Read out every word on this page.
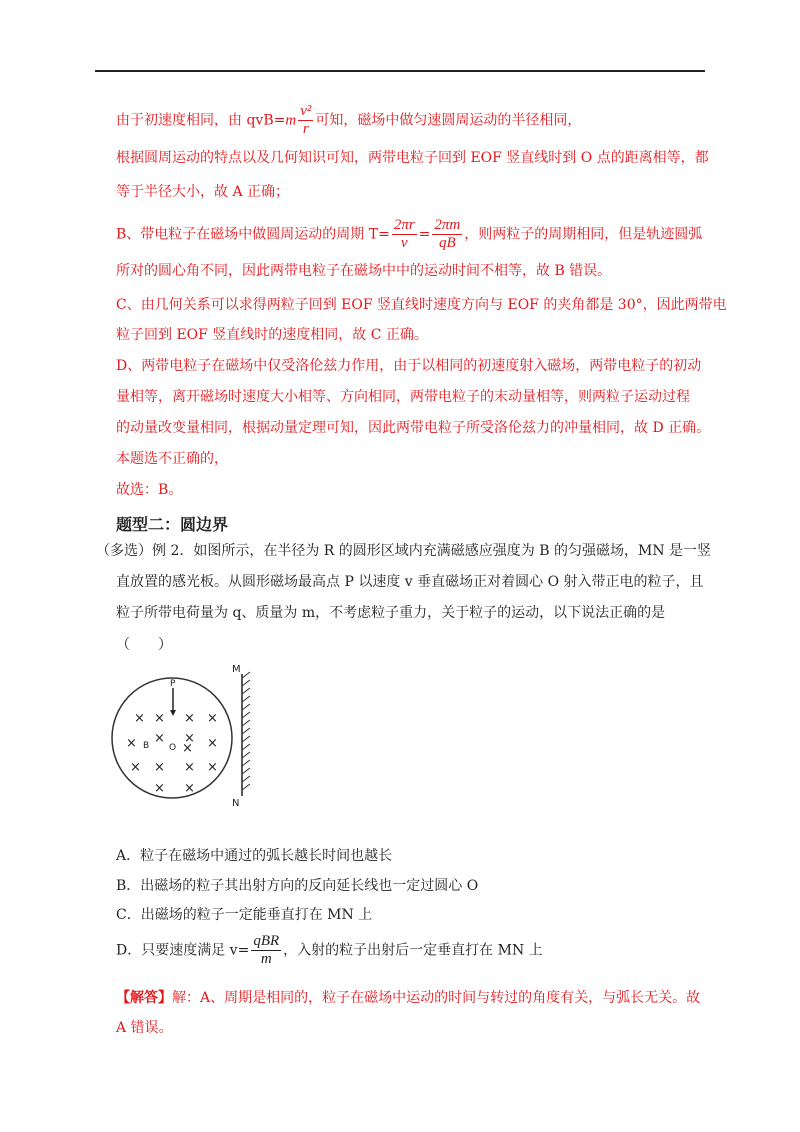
由于初速度相同，由 $qvB=m \frac{\text{v²}}{r}$ 可知，磁场中做匀速圆周运动的半径相同，
根据圆周运动的特点以及几何知识可知，两带电粒子回到 EOF 竖直线时到 O 点的距离相等，都
等于半径大小，故 A 正确；
B、带电粒子在磁场中做圆周运动的周期 $T= \frac{2\pi r}{v} = \frac{2\pi m}{qB}$ ，则两粒子的周期相同，但是轨迹圆弧
所对的圆心角不同，因此两带电粒子在磁场中中的运动时间不相等，故 B 错误。
C、由几何关系可以求得两粒子回到 EOF 竖直线时速度方向与 EOF 的夹角都是 30°，因此两带电
粒子回到 EOF 竖直线时的速度相同，故 C 正确。
D、两带电粒子在磁场中仅受洛伦兹力作用，由于以相同的初速度射入磁场，两带电粒子的初动
量相等，离开磁场时速度大小相等、方向相同，两带电粒子的末动量相等，则两粒子运动过程
的动量改变量相同，根据动量定理可知，因此两带电粒子所受洛伦兹力的冲量相同，故 D 正确。
本题选不正确的，
故选：B。
题型二：圆边界
（多选）例 2．如图所示，在半径为 R 的圆形区域内充满磁感应强度为 B 的匀强磁场，MN 是一竖
直放置的感光板。从圆形磁场最高点 P 以速度 v 垂直磁场正对着圆心 O 射入带正电的粒子，且
粒子所带电荷量为 q、质量为 m，不考虑粒子重力，关于粒子的运动，以下说法正确的是
（　　）
P
× × × ×
× ×
×	×
×
× × × ×
× ×
B O
M
N
A．粒子在磁场中通过的弧长越长时间也越长
B．出磁场的粒子其出射方向的反向延长线也一定过圆心 O
C．出磁场的粒子一定能垂直打在 MN 上
D．只要速度满足 $v= \frac{\text{qBR}}{m}$ ，入射的粒子出射后一定垂直打在 MN 上
【解答】解：A、周期是相同的，粒子在磁场中运动的时间与转过的角度有关，与弧长无关。故
A 错误。
